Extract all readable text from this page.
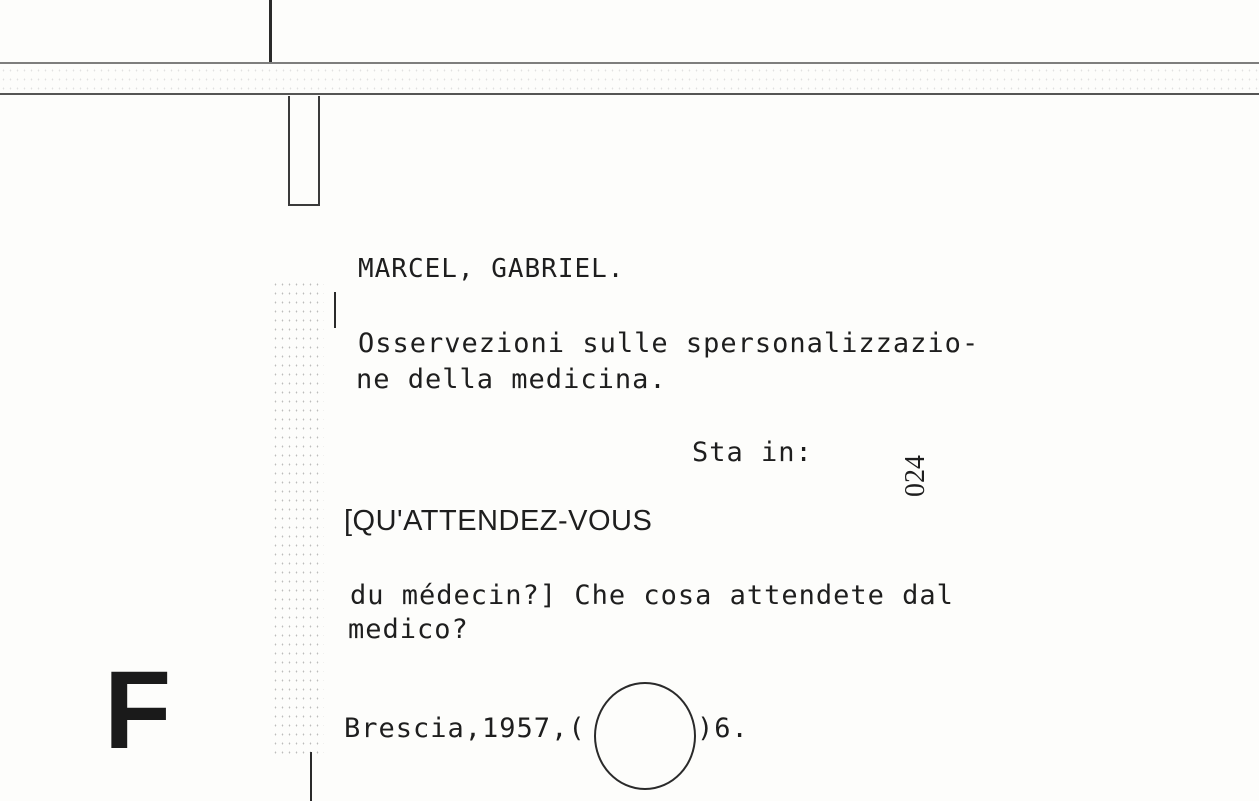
MARCEL, GABRIEL.
Osservezioni sulle spersonalizzazio-
ne della medicina.
Sta in:
[QU'ATTENDEZ-VOUS
024
du médecin?] Che cosa attendete dal
medico?
Brescia,1957,(	)6.
F
